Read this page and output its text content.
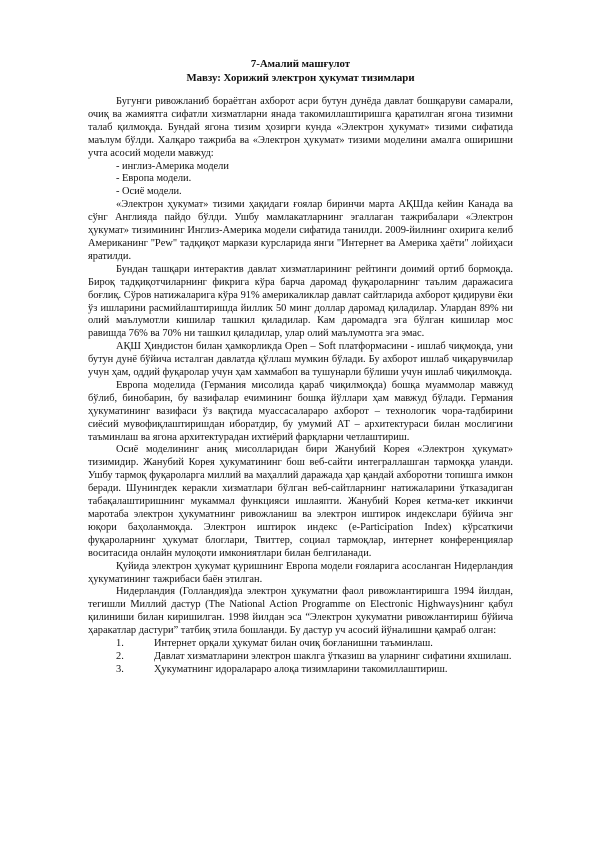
7-Амалий машғулот

Мавзу: Хорижий электрон ҳукумат тизимлари

Бугунги ривожланиб бораётган ахборот асри бутун дунёда давлат бошқаруви самарали, очиқ ва жамиятга сифатли хизматларни янада такомиллаштиришга қаратилган ягона тизимни талаб қилмоқда. Бундай ягона тизим ҳозирги кунда «Электрон ҳукумат» тизими сифатида маълум бўлди. Халқаро тажриба ва «Электрон ҳукумат» тизими моделини амалга оширишни учта асосий модели мавжуд:

- инглиз-Америка модели

- Европа модели.

- Осиё модели.

«Электрон ҳукумат» тизими ҳақидаги ғоялар биринчи марта АҚШда кейин Канада ва сўнг Англияда пайдо бўлди. Ушбу мамлакатларнинг эгаллаган тажрибалари «Электрон ҳукумат» тизимининг Инглиз-Америка модели сифатида танилди. 2009-йилнинг охирига келиб Американинг "Pew" тадқиқот маркази курсларида янги "Интернет ва Америка ҳаёти" лойиҳаси яратилди.

Бундан ташқари интерактив давлат хизматларининг рейтинги доимий ортиб бормоқда. Бироқ тадқиқотчиларнинг фикрига кўра барча даромад фуқароларнинг таълим даражасига боғлиқ. Сўров натижаларига кўра 91% америкаликлар давлат сайтларида ахборот қидируви ёки ўз ишларини расмийлаштиришда йиллик 50 минг доллар даромад қиладилар. Улардан 89% ни олий маълумотли кишилар ташкил қиладилар. Кам даромадга эга бўлган кишилар мос равишда 76% ва 70% ни ташкил қиладилар, улар олий маълумотга эга эмас.

АҚШ Ҳиндистон билан ҳамкорликда Open – Soft платформасини - ишлаб чиқмоқда, уни бутун дунё бўйича исталган давлатда қўллаш мумкин бўлади. Бу ахборот ишлаб чиқарувчилар учун ҳам, оддий фуқаролар учун ҳам хаммабоп ва тушунарли бўлиши учун ишлаб чиқилмоқда.

Европа моделида (Германия мисолида қараб чиқилмоқда) бошқа муаммолар мавжуд бўлиб, бинобарин, бу вазифалар ечимининг бошқа йўллари ҳам мавжуд бўлади. Германия ҳукуматининг вазифаси ўз вақтида муассасалараро ахборот – технологик чора-тадбирини сиёсий мувофиқлаштиришдан иборатдир, бу умумий АТ – архитектураси билан мослигини таъминлаш ва ягона архитектурадан ихтиёрий фарқларни четлаштириш.

Осиё моделининг аниқ мисолларидан бири Жанубий Корея «Электрон ҳукумат» тизимидир. Жанубий Корея ҳукуматининг бош веб-сайти интеграллашган тармоққа уланди. Ушбу тармоқ фуқароларга миллий ва маҳаллий даражада ҳар қандай ахборотни топишга имкон беради. Шунингдек керакли хизматлари бўлган веб-сайтларнинг натижаларини ўтказадиган табақалаштиришнинг мукаммал функцияси ишлаяпти. Жанубий Корея кетма-кет иккинчи маротаба электрон ҳукуматнинг ривожланиш ва электрон иштирок индекслари бўйича энг юқори баҳоланмоқда. Электрон иштирок индекс (e-Participation Index) кўрсаткичи фуқароларнинг ҳукумат блоглари, Твиттер, социал тармоқлар, интернет конференциялар воситасида онлайн мулоқоти имкониятлари билан белгиланади.

Қуйида электрон ҳукумат қуришнинг Европа модели ғояларига асосланган Нидерландия ҳукуматининг тажрибаси баён этилган.

Нидерландия (Голландия)да электрон ҳукуматни фаол ривожлантиришга 1994 йилдан, тегишли Миллий дастур (The National Action Programme on Electronic Highways)нинг қабул қилиниши билан киришилган. 1998 йилдан эса “Электрон ҳукуматни ривожлантириш бўйича ҳаракатлар дастури” татбиқ этила бошланди. Бу дастур уч асосий йўналишни қамраб олган:

1.	Интернет орқали ҳукумат билан очиқ боғланишни таъминлаш.

2.	Давлат хизматларини электрон шаклга ўтказиш ва уларнинг сифатини яхшилаш.

3.	Ҳукуматнинг идоралараро алоқа тизимларини такомиллаштириш.
